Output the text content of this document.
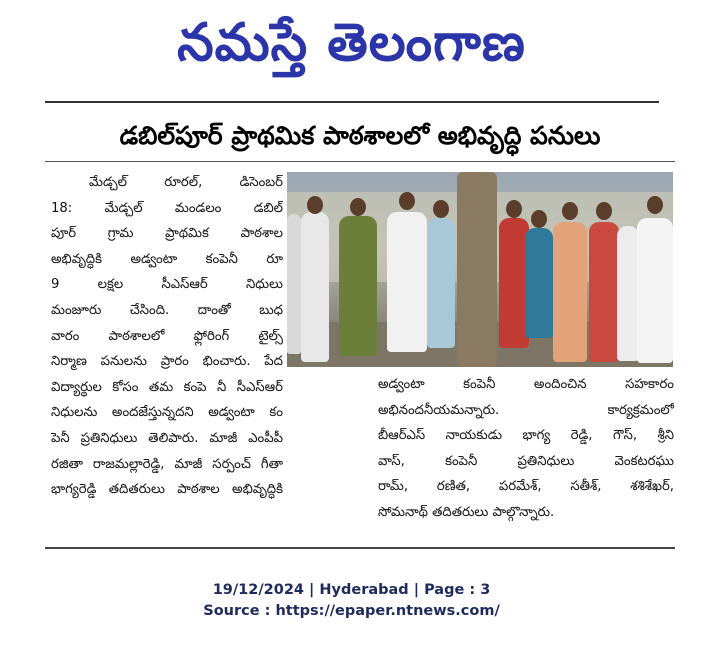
నమస్తే తెలంగాణ
డబిల్‌పూర్ ప్రాథమిక పాఠశాలలో అభివృద్ధి పనులు
మేడ్చల్ రూరల్, డిసెంబర్
18: మేడ్చల్ మండలం డబిల్
పూర్ గ్రామ ప్రాథమిక పాఠశాల
అభివృద్ధికి అడ్వంటా కంపెనీ రూ
9 లక్షల సీఎస్ఆర్ నిధులు
మంజూరు చేసింది. దాంతో బుధ
వారం పాఠశాలలో ఫ్లోరింగ్ టైల్స్
నిర్మాణ పనులను ప్రారం భించారు. పేద
విద్యార్థుల కోసం తమ కంపె నీ సీఎస్ఆర్
నిధులను అందజేస్తున్నదని అడ్వంటా కం
పెనీ ప్రతినిధులు తెలిపారు. మాజీ ఎంపీపీ
రజితా రాజమల్లారెడ్డి, మాజీ సర్పంచ్ గీతా
భాగ్యరెడ్డి తదితరులు పాఠశాల అభివృద్ధికి
అడ్వంటా కంపెనీ అందించిన సహకారం
అభినందనీయమన్నారు. కార్యక్రమంలో
బీఆర్ఎస్ నాయకుడు భాగ్య రెడ్డి, గౌస్, శ్రీని
వాస్, కంపెనీ ప్రతినిధులు వెంకటరఘు
రామ్, రణిత, పరమేశ్, సతీశ్, శశిశేఖర్,
సోమనాథ్ తదితరులు పాల్గొన్నారు.
19/12/2024 | Hyderabad | Page : 3
Source : https://epaper.ntnews.com/
